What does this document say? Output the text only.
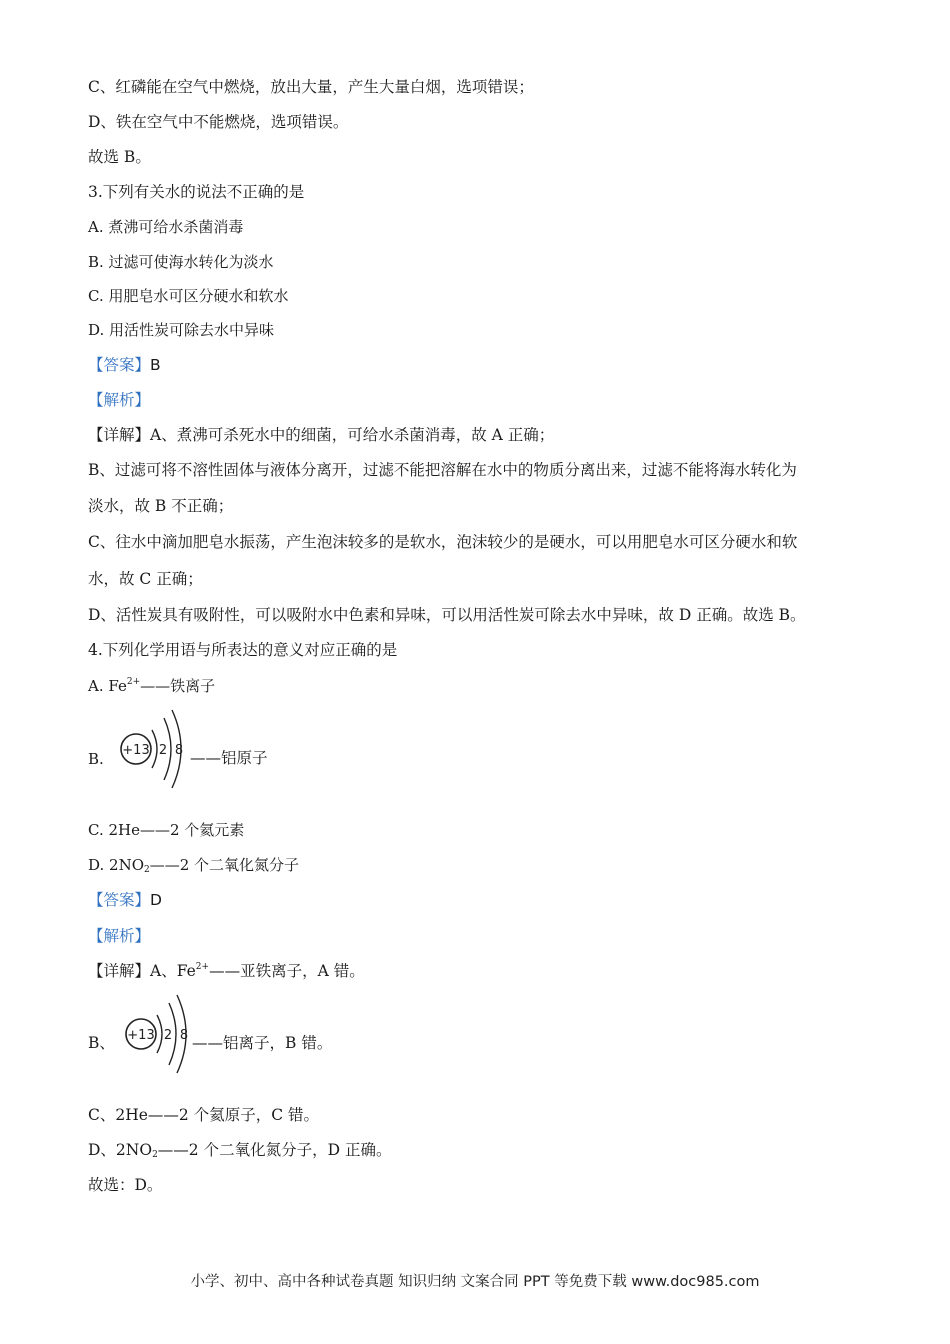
C、红磷能在空气中燃烧，放出大量，产生大量白烟，选项错误；
D、铁在空气中不能燃烧，选项错误。
故选 B。
3.下列有关水的说法不正确的是
A. 煮沸可给水杀菌消毒
B. 过滤可使海水转化为淡水
C. 用肥皂水可区分硬水和软水
D. 用活性炭可除去水中异味
【答案】B
【解析】
【详解】A、煮沸可杀死水中的细菌，可给水杀菌消毒，故 A 正确；
B、过滤可将不溶性固体与液体分离开，过滤不能把溶解在水中的物质分离出来，过滤不能将海水转化为
淡水，故 B 不正确；
C、往水中滴加肥皂水振荡，产生泡沫较多的是软水，泡沫较少的是硬水，可以用肥皂水可区分硬水和软
水，故 C 正确；
D、活性炭具有吸附性，可以吸附水中色素和异味，可以用活性炭可除去水中异味，故 D 正确。故选 B。
4.下列化学用语与所表达的意义对应正确的是
A. $Fe^{2+}——$铁离子
B. +13 2 8 ——铝原子
C. 2He——2 个氦元素
D. $2NO_2——2$ 个二氧化氮分子
【答案】D
【解析】
【详解】A、$Fe^{2+}——$亚铁离子，A 错。
B、 +13 2 8 ——铝离子，B 错。
C、2He——2 个氦原子，C 错。
D、$2NO_2——2$ 个二氧化氮分子，D 正确。
故选：D。
小学、初中、高中各种试卷真题 知识归纳 文案合同 PPT 等免费下载 www.doc985.com
